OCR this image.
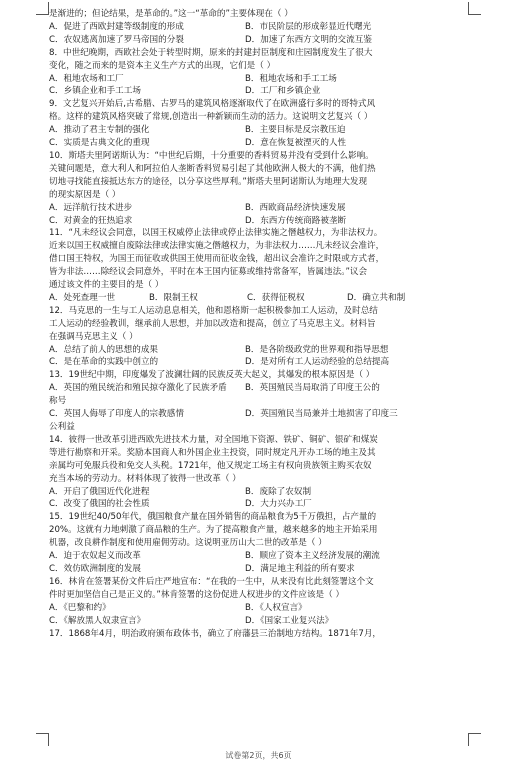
是渐进的；但论结果，是革命的。”这一“革命的”主要体现在（ ）
A．促进了西欧封建等级制度的形成	B．市民阶层的形成彰显近代曙光
C．农奴逃离加速了罗马帝国的分裂	D．加速了东西方文明的交流互鉴
8．中世纪晚期，西欧社会处于转型时期，原来的封建封臣制度和庄园制度发生了很大
变化，随之而来的是资本主义生产方式的出现，它们是（ ）
A．租地农场和工厂	B．租地农场和手工工场
C．乡镇企业和手工工场	D．工厂和乡镇企业
9．文艺复兴开始后,古希腊、古罗马的建筑风格逐渐取代了在欧洲盛行多时的哥特式风
格。这样的建筑风格突破了常规,创造出一种新颖而生动的活力。这说明文艺复兴（ ）
A．推动了君主专制的强化	B．主要目标是反宗教压迫
C．实质是古典文化的重现	D．意在恢复被湮灭的人性
10．斯塔夫里阿诺斯认为：“中世纪后期，十分重要的香料贸易并没有受到什么影响。
关键问题是，意大利人和阿拉伯人垄断香料贸易引起了其他欧洲人极大的不满，他们热
切地寻找能直接抵达东方的途径，以分享这些厚利。”斯塔夫里阿诺斯认为地理大发现
的现实原因是（ ）
A．远洋航行技术进步	B．西欧商品经济快速发展
C．对黄金的狂热追求	D．东西方传统商路被垄断
11．“凡未经议会同意，以国王权威停止法律或停止法律实施之僭越权力，为非法权力。
近来以国王权威擅自废除法律或法律实施之僭越权力，为非法权力……凡未经议会准许，
借口国王特权，为国王而征收或供国王使用而征收金钱，超出议会准许之时限或方式者，
皆为非法……除经议会同意外，平时在本王国内征募或维持常备军，皆属违法。”议会
通过该文件的主要目的是（ ）
A．处死查理一世	B．限制王权	C．获得征税权	D．确立共和制
12．马克思的一生与工人运动息息相关，他和恩格斯一起积极参加工人运动，及时总结
工人运动的经验教训，继承前人思想，并加以改造和提高，创立了马克思主义。材料旨
在强调马克思主义（ ）
A．总结了前人的思想的成果	B．是各阶级政党的世界观和指导思想
C．是在革命的实践中创立的	D．是对所有工人运动经验的总结提高
13．19世纪中期，印度爆发了波澜壮阔的民族反英大起义，其爆发的根本原因是（ ）
A．英国的殖民统治和殖民掠夺激化了民族矛盾	B．英国殖民当局取消了印度王公的
称号
C．英国人侮辱了印度人的宗教感情	D．英国殖民当局兼并土地损害了印度三
公利益
14．彼得一世改革引进西欧先进技术力量，对全国地下资源、铁矿、铜矿、银矿和煤炭
等进行勘察和开采。奖励本国商人和外国企业主投资，同时规定凡开办工场的地主及其
亲属均可免服兵役和免交人头税。1721年，他又规定工场主有权向贵族领主购买农奴
充当本场的劳动力。材料体现了彼得一世改革（ ）
A．开启了俄国近代化进程	B．废除了农奴制
C．改变了俄国的社会性质	D．大力兴办工厂
15．19世纪40/50年代，俄国粮食产量在国外销售的商品粮食为5千万俄担，占产量的
20%。这就有力地刺激了商品粮的生产。为了提高粮食产量，越来越多的地主开始采用
机器，改良耕作制度和使用雇佣劳动。这说明亚历山大二世的改革是（ ）
A．迫于农奴起义而改革	B．顺应了资本主义经济发展的潮流
C．效仿欧洲制度的发展	D．满足地主利益的所有要求
16．林肯在签署某份文件后庄严地宣布：“在我的一生中，从来没有比此刻签署这个文
件时更加坚信自己是正义的。”林肯签署的这份促进人权进步的文件应该是（ ）
A．《巴黎和约》	B．《人权宣言》
C．《解放黑人奴隶宣言》	D．《国家工业复兴法》
17．1868年4月，明治政府颁布政体书，确立了府藩县三治制地方结构。1871年7月，
试卷第2页，共6页
